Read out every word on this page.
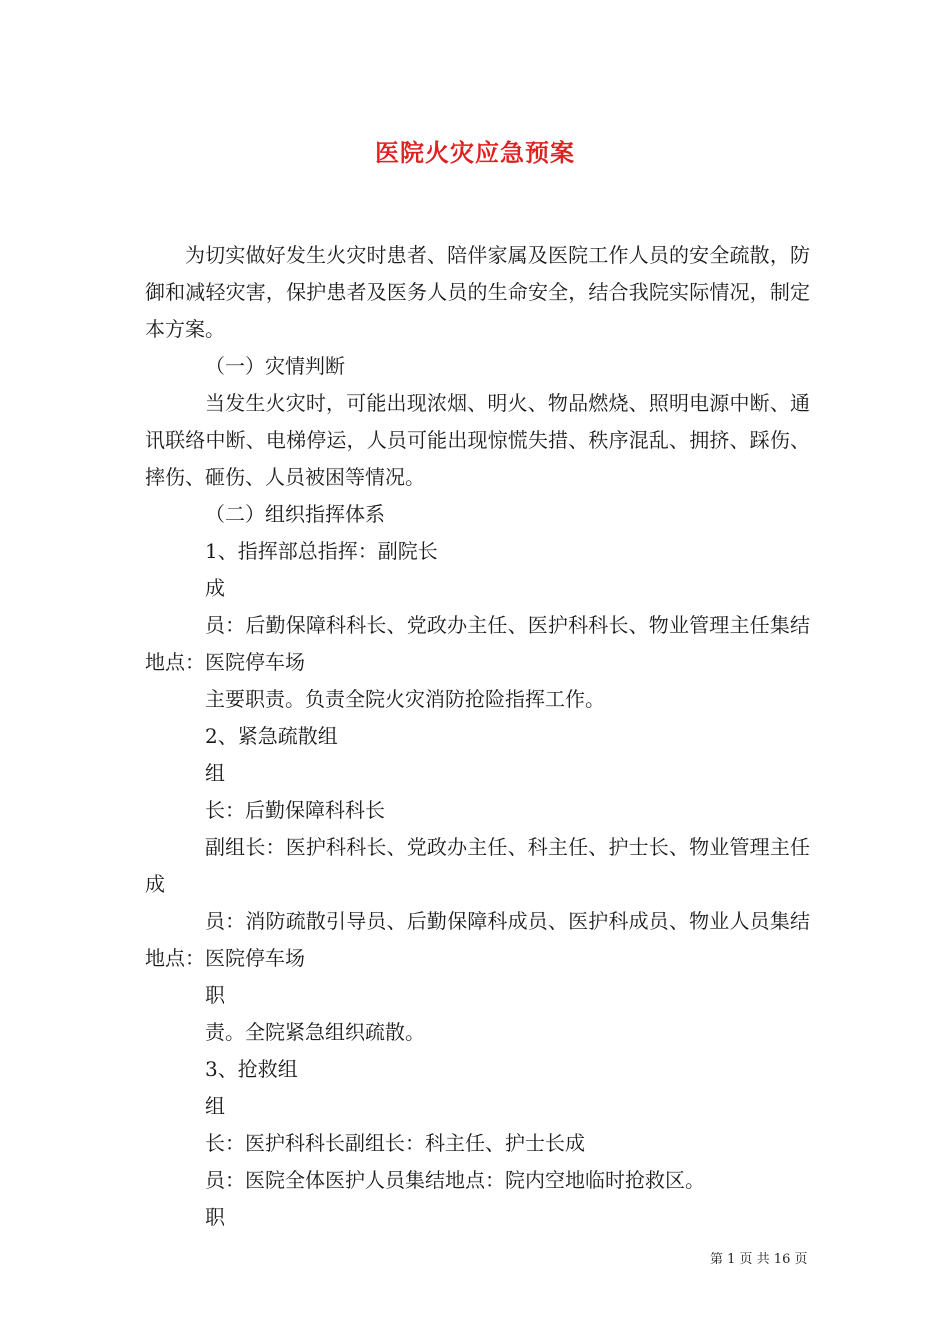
医院火灾应急预案

为切实做好发生火灾时患者、陪伴家属及医院工作人员的安全疏散，防御和减轻灾害，保护患者及医务人员的生命安全，结合我院实际情况，制定本方案。

（一）灾情判断

当发生火灾时，可能出现浓烟、明火、物品燃烧、照明电源中断、通讯联络中断、电梯停运，人员可能出现惊慌失措、秩序混乱、拥挤、踩伤、摔伤、砸伤、人员被困等情况。

（二）组织指挥体系

1、指挥部总指挥：副院长

成

员：后勤保障科科长、党政办主任、医护科科长、物业管理主任集结地点：医院停车场

主要职责。负责全院火灾消防抢险指挥工作。

2、紧急疏散组

组

长：后勤保障科科长

副组长：医护科科长、党政办主任、科主任、护士长、物业管理主任成

员：消防疏散引导员、后勤保障科成员、医护科成员、物业人员集结地点：医院停车场

职

责。全院紧急组织疏散。

3、抢救组

组

长：医护科科长副组长：科主任、护士长成

员：医院全体医护人员集结地点：院内空地临时抢救区。

职

第 1 页 共 16 页
